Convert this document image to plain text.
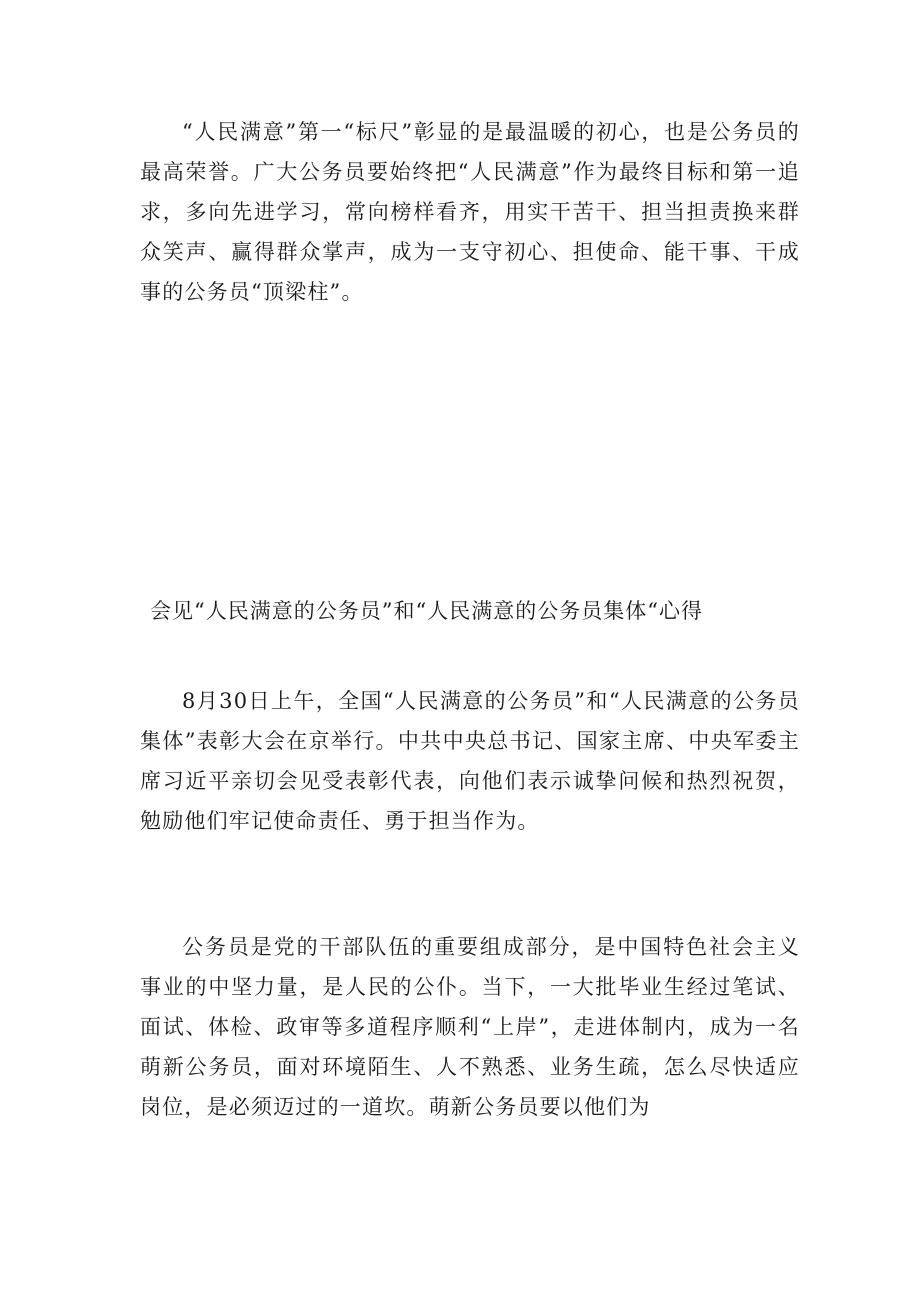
“人民满意”第一“标尺”彰显的是最温暖的初心，也是公务员的最高荣誉。广大公务员要始终把“人民满意”作为最终目标和第一追求，多向先进学习，常向榜样看齐，用实干苦干、担当担责换来群众笑声、赢得群众掌声，成为一支守初心、担使命、能干事、干成事的公务员“顶梁柱”。

会见“人民满意的公务员”和“人民满意的公务员集体“心得

8月30日上午，全国“人民满意的公务员”和“人民满意的公务员集体”表彰大会在京举行。中共中央总书记、国家主席、中央军委主席习近平亲切会见受表彰代表，向他们表示诚挚问候和热烈祝贺，勉励他们牢记使命责任、勇于担当作为。

公务员是党的干部队伍的重要组成部分，是中国特色社会主义事业的中坚力量，是人民的公仆。当下，一大批毕业生经过笔试、面试、体检、政审等多道程序顺利“上岸”，走进体制内，成为一名萌新公务员，面对环境陌生、人不熟悉、业务生疏，怎么尽快适应岗位，是必须迈过的一道坎。萌新公务员要以他们为
